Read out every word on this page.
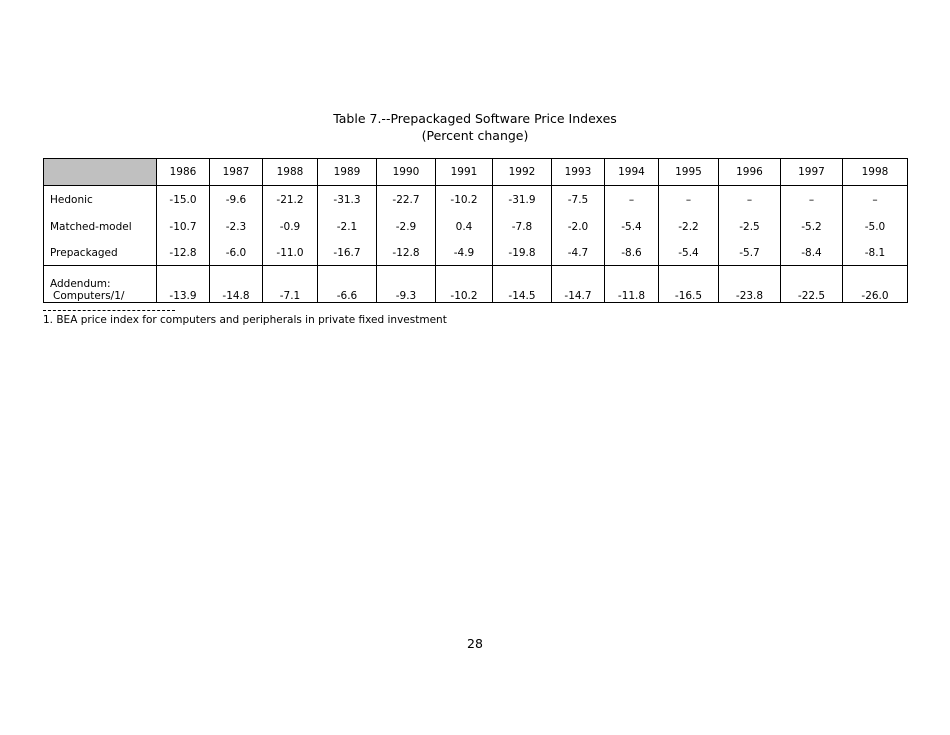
Table 7.--Prepackaged Software Price Indexes
(Percent change)
	1986	1987	1988	1989	1990	1991	1992	1993	1994	1995	1996	1997	1998
Hedonic	-15.0	-9.6	-21.2	-31.3	-22.7	-10.2	-31.9	-7.5	–	–	–	–	–
Matched-model	-10.7	-2.3	-0.9	-2.1	-2.9	0.4	-7.8	-2.0	-5.4	-2.2	-2.5	-5.2	-5.0
Prepackaged	-12.8	-6.0	-11.0	-16.7	-12.8	-4.9	-19.8	-4.7	-8.6	-5.4	-5.7	-8.4	-8.1
Addendum:
Computers/1/	-13.9	-14.8	-7.1	-6.6	-9.3	-10.2	-14.5	-14.7	-11.8	-16.5	-23.8	-22.5	-26.0
1. BEA price index for computers and peripherals in private fixed investment
28
